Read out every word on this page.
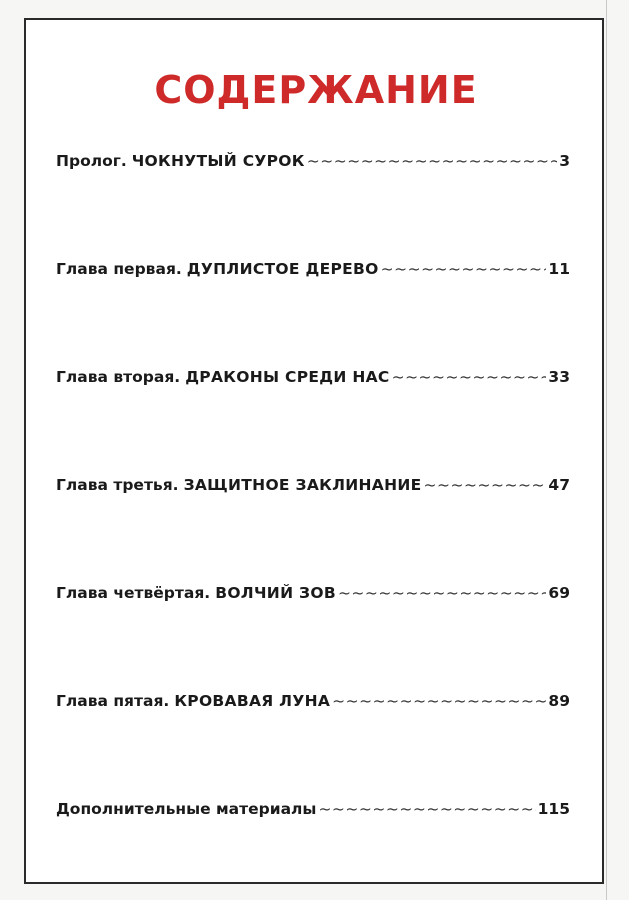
СОДЕРЖАНИЕ
Пролог. ЧОКНУТЫЙ СУРОК ~~~~~	3
Глава первая. ДУПЛИСТОЕ ДЕРЕВО ~~~~~	11
Глава вторая. ДРАКОНЫ СРЕДИ НАС ~~~~~	33
Глава третья. ЗАЩИТНОЕ ЗАКЛИНАНИЕ ~~~~~	47
Глава четвёртая. ВОЛЧИЙ ЗОВ ~~~~~	69
Глава пятая. КРОВАВАЯ ЛУНА ~~~~~	89
Дополнительные материалы ~~~~~	115
